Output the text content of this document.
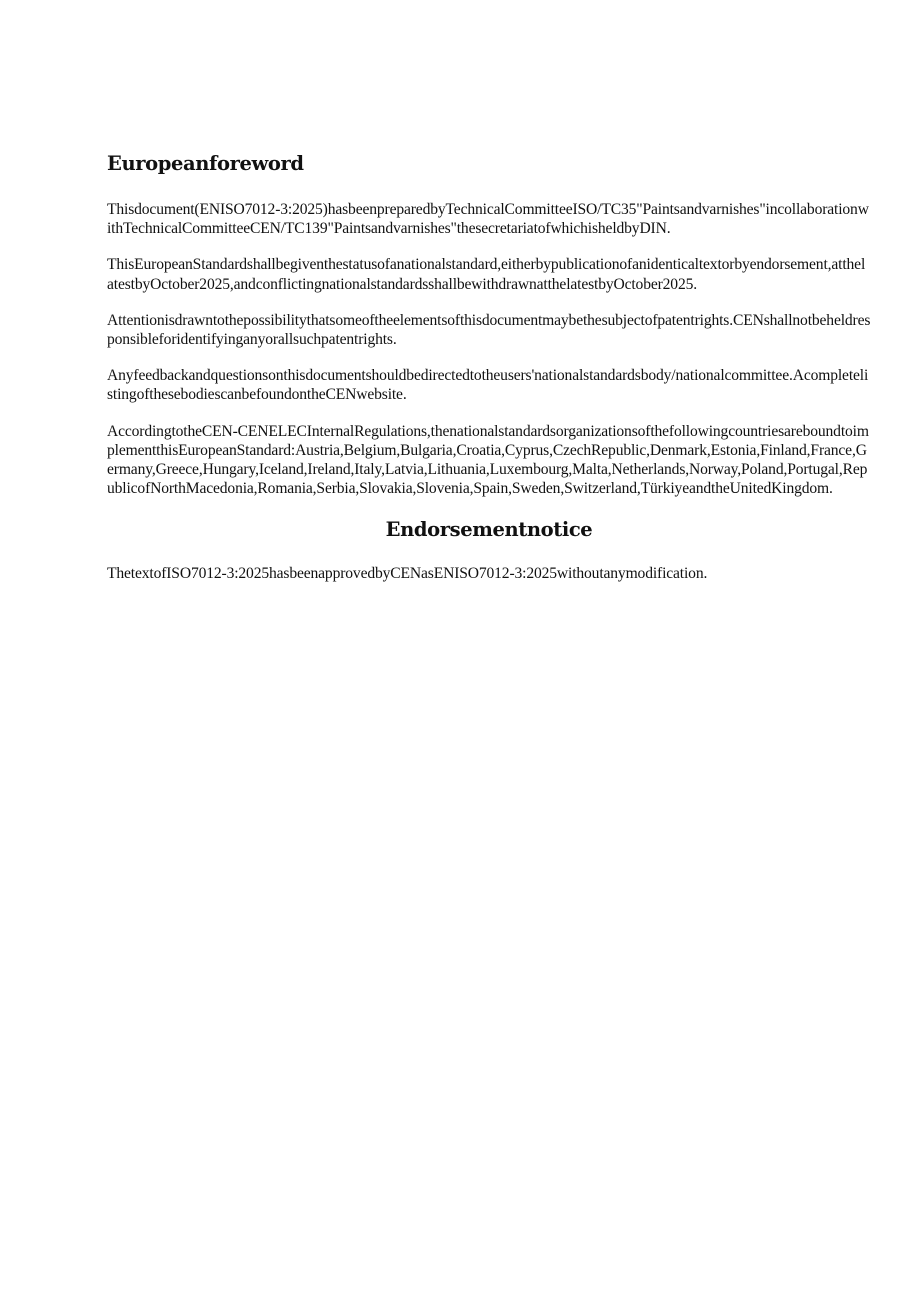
Europeanforeword

Thisdocument(ENISO7012-3:2025)hasbeenpreparedbyTechnicalCommitteeISO/TC35"Paintsandvarnishes"incollaborationwithTechnicalCommitteeCEN/TC139"Paintsandvarnishes"thesecretariatofwhichisheldbyDIN.

ThisEuropeanStandardshallbegiventhestatusofanationalstandard,eitherbypublicationofanidenticaltextorbyendorsement,atthelatestbyOctober2025,andconflictingnationalstandardsshallbewithdrawnatthelatestbyOctober2025.

Attentionisdrawntothepossibilitythatsomeoftheelementsofthisdocumentmaybethesubjectofpatentrights.CENshallnotbeheldresponsibleforidentifyinganyorallsuchpatentrights.

Anyfeedbackandquestionsonthisdocumentshouldbedirectedtotheusers'nationalstandardsbody/nationalcommittee.AcompletelistingofthesebodiescanbefoundontheCENwebsite.

AccordingtotheCEN-CENELECInternalRegulations,thenationalstandardsorganizationsofthefollowingcountriesareboundtoimplementthisEuropeanStandard:Austria,Belgium,Bulgaria,Croatia,Cyprus,CzechRepublic,Denmark,Estonia,Finland,France,Germany,Greece,Hungary,Iceland,Ireland,Italy,Latvia,Lithuania,Luxembourg,Malta,Netherlands,Norway,Poland,Portugal,RepublicofNorthMacedonia,Romania,Serbia,Slovakia,Slovenia,Spain,Sweden,Switzerland,TürkiyeandtheUnitedKingdom.

Endorsementnotice

ThetextofISO7012-3:2025hasbeenapprovedbyCENasENISO7012-3:2025withoutanymodification.
